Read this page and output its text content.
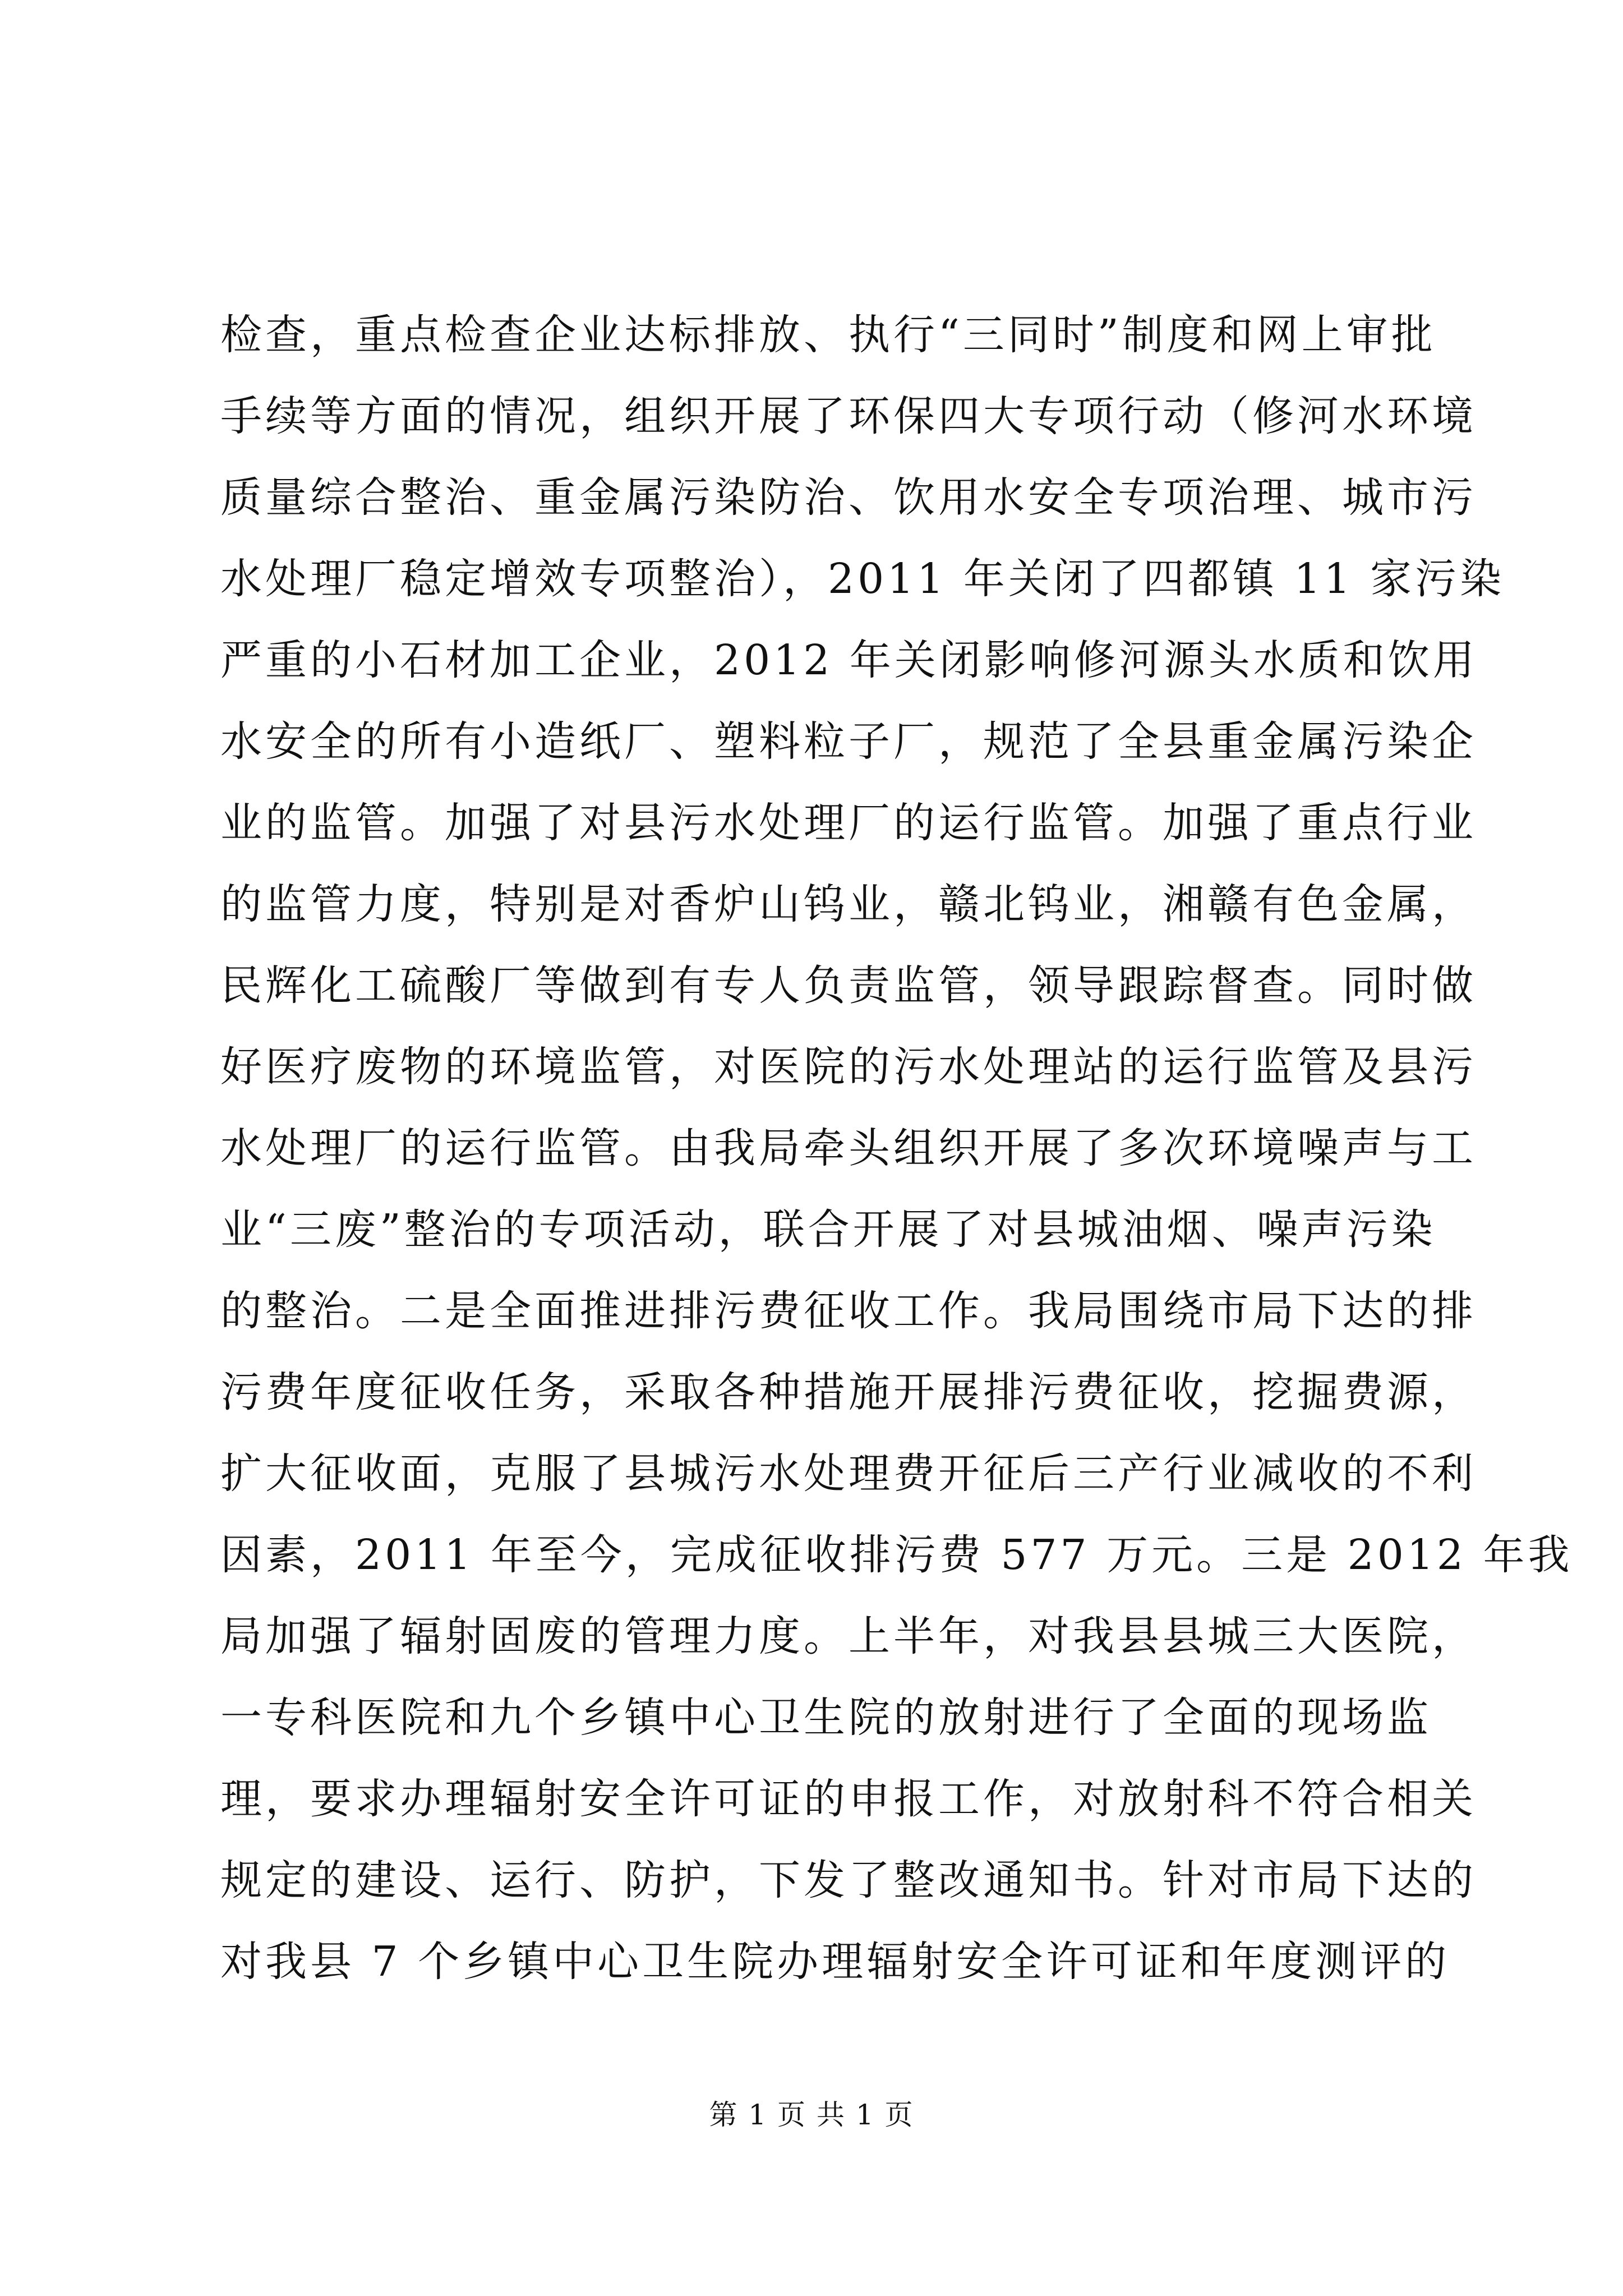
检查，重点检查企业达标排放、执行“三同时”制度和网上审批
手续等方面的情况，组织开展了环保四大专项行动（修河水环境
质量综合整治、重金属污染防治、饮用水安全专项治理、城市污
水处理厂稳定增效专项整治），2011 年关闭了四都镇 11 家污染
严重的小石材加工企业，2012 年关闭影响修河源头水质和饮用
水安全的所有小造纸厂、塑料粒子厂，规范了全县重金属污染企
业的监管。加强了对县污水处理厂的运行监管。加强了重点行业
的监管力度，特别是对香炉山钨业，赣北钨业，湘赣有色金属，
民辉化工硫酸厂等做到有专人负责监管，领导跟踪督查。同时做
好医疗废物的环境监管，对医院的污水处理站的运行监管及县污
水处理厂的运行监管。由我局牵头组织开展了多次环境噪声与工
业“三废”整治的专项活动，联合开展了对县城油烟、噪声污染
的整治。二是全面推进排污费征收工作。我局围绕市局下达的排
污费年度征收任务，采取各种措施开展排污费征收，挖掘费源，
扩大征收面，克服了县城污水处理费开征后三产行业减收的不利
因素，2011 年至今，完成征收排污费 577 万元。三是 2012 年我
局加强了辐射固废的管理力度。上半年，对我县县城三大医院，
一专科医院和九个乡镇中心卫生院的放射进行了全面的现场监
理，要求办理辐射安全许可证的申报工作，对放射科不符合相关
规定的建设、运行、防护，下发了整改通知书。针对市局下达的
对我县 7 个乡镇中心卫生院办理辐射安全许可证和年度测评的
第 1 页 共 1 页
